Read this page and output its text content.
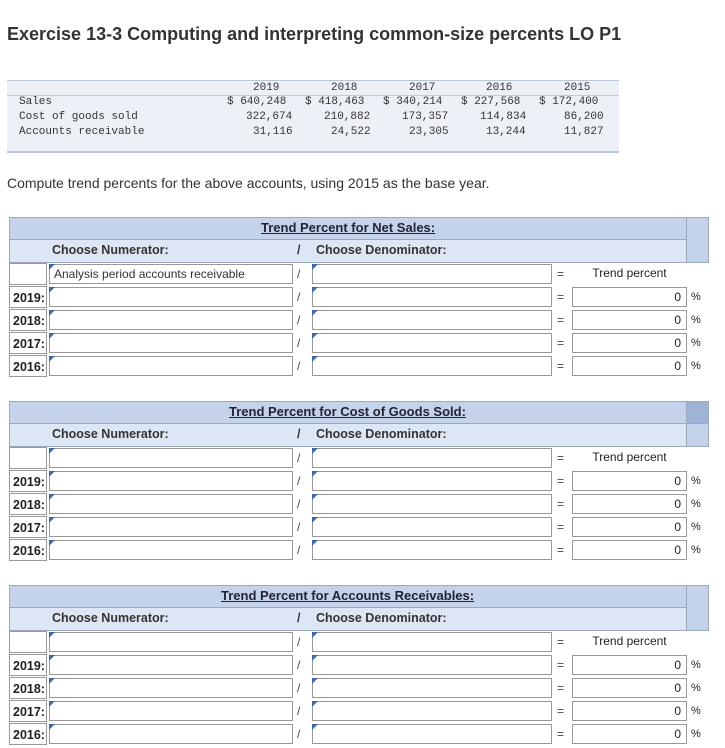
Exercise 13-3 Computing and interpreting common-size percents LO P1
2019	2018	2017	2016	2015
Sales	$ 640,248 $ 418,463 $ 340,214 $ 227,568 $ 172,400
Cost of goods sold	322,674	210,882	173,357	114,834	86,200
Accounts receivable	31,116	24,522	23,305	13,244	11,827
Compute trend percents for the above accounts, using 2015 as the base year.
Trend Percent for Net Sales:
Choose Numerator:	/ Choose Denominator:
Analysis period accounts receivable	/	=	Trend percent
2019:	/	=	0 %
2018:	/	=	0 %
2017:	/	=	0 %
2016:	/	=	0 %
Trend Percent for Cost of Goods Sold:
Choose Numerator:	/ Choose Denominator:
/	=	Trend percent
2019:	/	=	0 %
2018:	/	=	0 %
2017:	/	=	0 %
2016:	/	=	0 %
Trend Percent for Accounts Receivables:
Choose Numerator:	/ Choose Denominator:
/	=	Trend percent
2019:	/	=	0 %
2018:	/	=	0 %
2017:	/	=	0 %
2016:	/	=	0 %
